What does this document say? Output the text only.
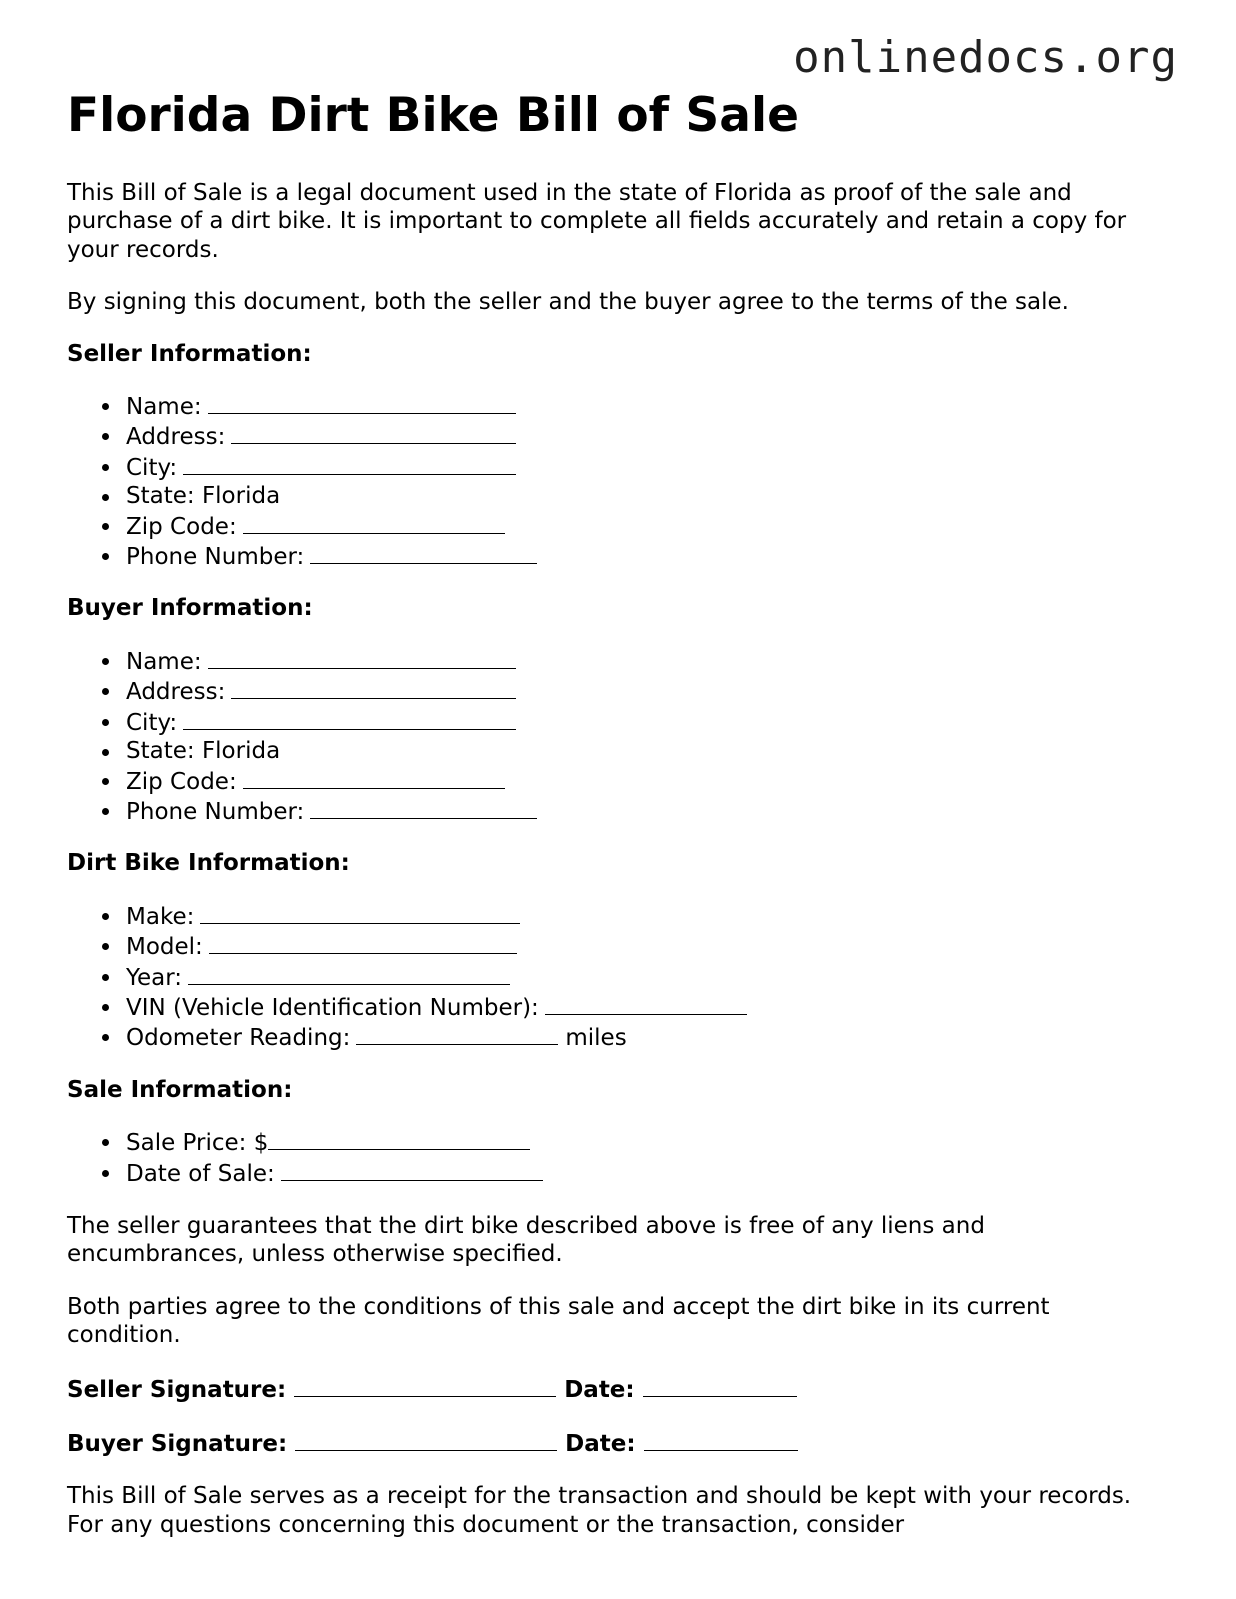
onlinedocs.org
Florida Dirt Bike Bill of Sale

This Bill of Sale is a legal document used in the state of Florida as proof of the sale and purchase of a dirt bike. It is important to complete all fields accurately and retain a copy for your records.

By signing this document, both the seller and the buyer agree to the terms of the sale.

Seller Information:
Name:
Address:
City:
State: Florida
Zip Code:
Phone Number:
Buyer Information:
Name:
Address:
City:
State: Florida
Zip Code:
Phone Number:
Dirt Bike Information:
Make:
Model:
Year:
VIN (Vehicle Identification Number):
Odometer Reading:	miles
Sale Information:
Sale Price: $
Date of Sale:

The seller guarantees that the dirt bike described above is free of any liens and encumbrances, unless otherwise specified.

Both parties agree to the conditions of this sale and accept the dirt bike in its current condition.

Seller Signature:	Date:
Buyer Signature:	Date:

This Bill of Sale serves as a receipt for the transaction and should be kept with your records. For any questions concerning this document or the transaction, consider
